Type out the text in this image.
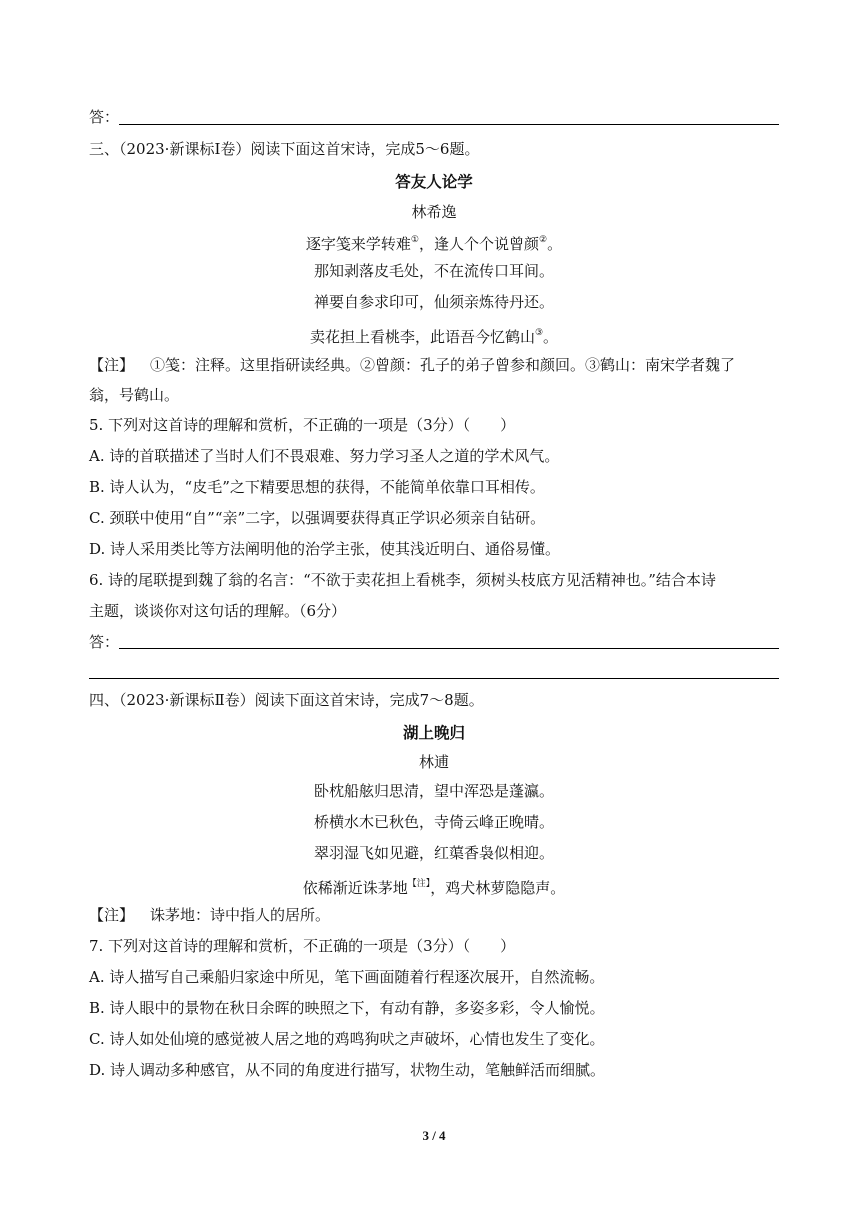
答：
三、（2023·新课标Ⅰ卷）阅读下面这首宋诗，完成5～6题。
答友人论学
林希逸
逐字笺来学转难①，逢人个个说曾颜②。
那知剥落皮毛处，不在流传口耳间。
禅要自参求印可，仙须亲炼待丹还。
卖花担上看桃李，此语吾今忆鹤山③。
【注】 ①笺：注释。这里指研读经典。②曾颜：孔子的弟子曾参和颜回。③鹤山：南宋学者魏了
翁，号鹤山。
5. 下列对这首诗的理解和赏析，不正确的一项是（3分）（　　）
A. 诗的首联描述了当时人们不畏艰难、努力学习圣人之道的学术风气。
B. 诗人认为，“皮毛”之下精要思想的获得，不能简单依靠口耳相传。
C. 颈联中使用“自”“亲”二字，以强调要获得真正学识必须亲自钻研。
D. 诗人采用类比等方法阐明他的治学主张，使其浅近明白、通俗易懂。
6. 诗的尾联提到魏了翁的名言：“不欲于卖花担上看桃李，须树头枝底方见活精神也。”结合本诗
主题，谈谈你对这句话的理解。（6分）
答：
四、（2023·新课标Ⅱ卷）阅读下面这首宋诗，完成7～8题。
湖上晚归
林逋
卧枕船舷归思清，望中浑恐是蓬瀛。
桥横水木已秋色，寺倚云峰正晚晴。
翠羽湿飞如见避，红蕖香袅似相迎。
依稀渐近诛茅地$^{【注】}$，鸡犬林萝隐隐声。
【注】 诛茅地：诗中指人的居所。
7. 下列对这首诗的理解和赏析，不正确的一项是（3分）（　　）
A. 诗人描写自己乘船归家途中所见，笔下画面随着行程逐次展开，自然流畅。
B. 诗人眼中的景物在秋日余晖的映照之下，有动有静，多姿多彩，令人愉悦。
C. 诗人如处仙境的感觉被人居之地的鸡鸣狗吠之声破坏，心情也发生了变化。
D. 诗人调动多种感官，从不同的角度进行描写，状物生动，笔触鲜活而细腻。
3 / 4
